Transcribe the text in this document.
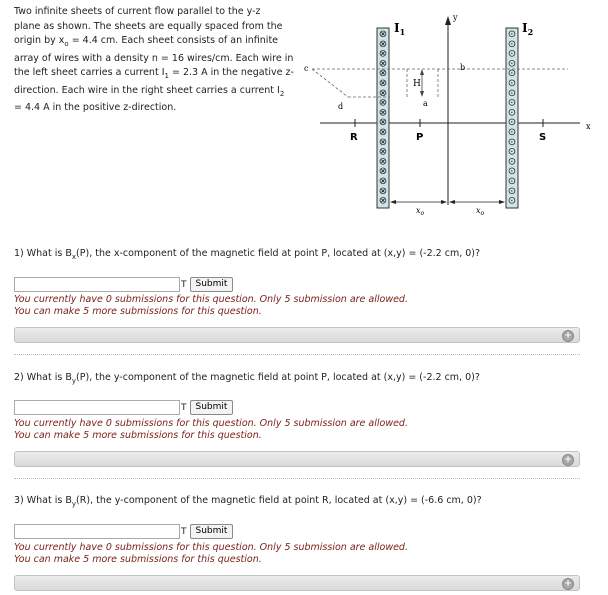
Two infinite sheets of current flow parallel to the y-z
plane as shown. The sheets are equally spaced from the
origin by $x_o = 4.4$ cm. Each sheet consists of an infinite
array of wires with a density n = 16 wires/cm. Each wire in
the left sheet carries a current $I_1 = 2.3$ A in the negative z-
direction. Each wire in the right sheet carries a current $I_2$
= 4.4 A in the positive z-direction.
x
y
⊗
⊗
⊗
⊗
⊗
⊗
⊗
⊗
⊗
⊗
⊗
⊗
⊗
⊗
⊗
⊗
⊗
⊗
⊙
⊙
⊙
⊙
⊙
⊙
⊙
⊙
⊙
⊙
⊙
⊙
⊙
⊙
⊙
⊙
⊙
⊙
$I_1$	$I_2$
H
a
b
c
d
R	P	S
$x_o$	$x_o$
1) What is $B_x(P)$, the x-component of the magnetic field at point P, located at (x,y) = (-2.2 cm, 0)?
T	Submit
You currently have 0 submissions for this question. Only 5 submission are allowed.
You can make 5 more submissions for this question.
+
2) What is $B_y(P)$, the y-component of the magnetic field at point P, located at (x,y) = (-2.2 cm, 0)?
T	Submit
You currently have 0 submissions for this question. Only 5 submission are allowed.
You can make 5 more submissions for this question.
+
3) What is $B_y(R)$, the y-component of the magnetic field at point R, located at (x,y) = (-6.6 cm, 0)?
T	Submit
You currently have 0 submissions for this question. Only 5 submission are allowed.
You can make 5 more submissions for this question.
+
